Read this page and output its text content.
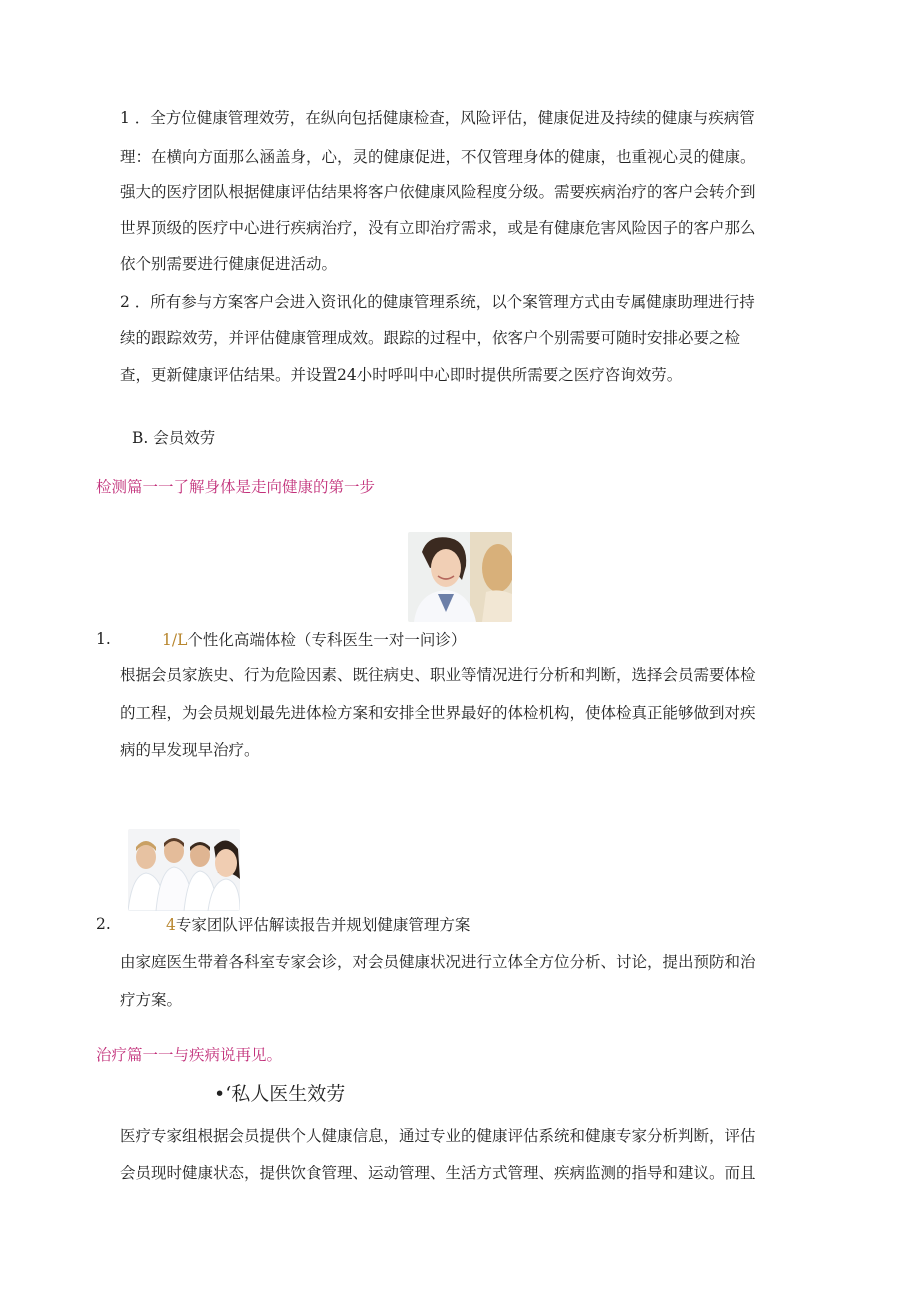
1 ．全方位健康管理效劳，在纵向包括健康检查，风险评估，健康促进及持续的健康与疾病管
理：在横向方面那么涵盖身，心，灵的健康促进，不仅管理身体的健康，也重视心灵的健康。
强大的医疗团队根据健康评估结果将客户依健康风险程度分级。需要疾病治疗的客户会转介到
世界顶级的医疗中心进行疾病治疗，没有立即治疗需求，或是有健康危害风险因子的客户那么
依个别需要进行健康促进活动。
2 ．所有参与方案客户会进入资讯化的健康管理系统，以个案管理方式由专属健康助理进行持
续的跟踪效劳，并评估健康管理成效。跟踪的过程中，依客户个别需要可随时安排必要之检
查，更新健康评估结果。并设置24小时呼叫中心即时提供所需要之医疗咨询效劳。
B. 会员效劳
检测篇一一了解身体是走向健康的第一步
1.	1/L个性化高端体检（专科医生一对一问诊）
根据会员家族史、行为危险因素、既往病史、职业等情况进行分析和判断，选择会员需要体检
的工程，为会员规划最先进体检方案和安排全世界最好的体检机构，使体检真正能够做到对疾
病的早发现早治疗。
2.	4专家团队评估解读报告并规划健康管理方案
由家庭医生带着各科室专家会诊，对会员健康状况进行立体全方位分析、讨论，提出预防和治
疗方案。
治疗篇一一与疾病说再见。
•‘私人医生效劳
医疗专家组根据会员提供个人健康信息，通过专业的健康评估系统和健康专家分析判断，评估
会员现时健康状态，提供饮食管理、运动管理、生活方式管理、疾病监测的指导和建议。而且
